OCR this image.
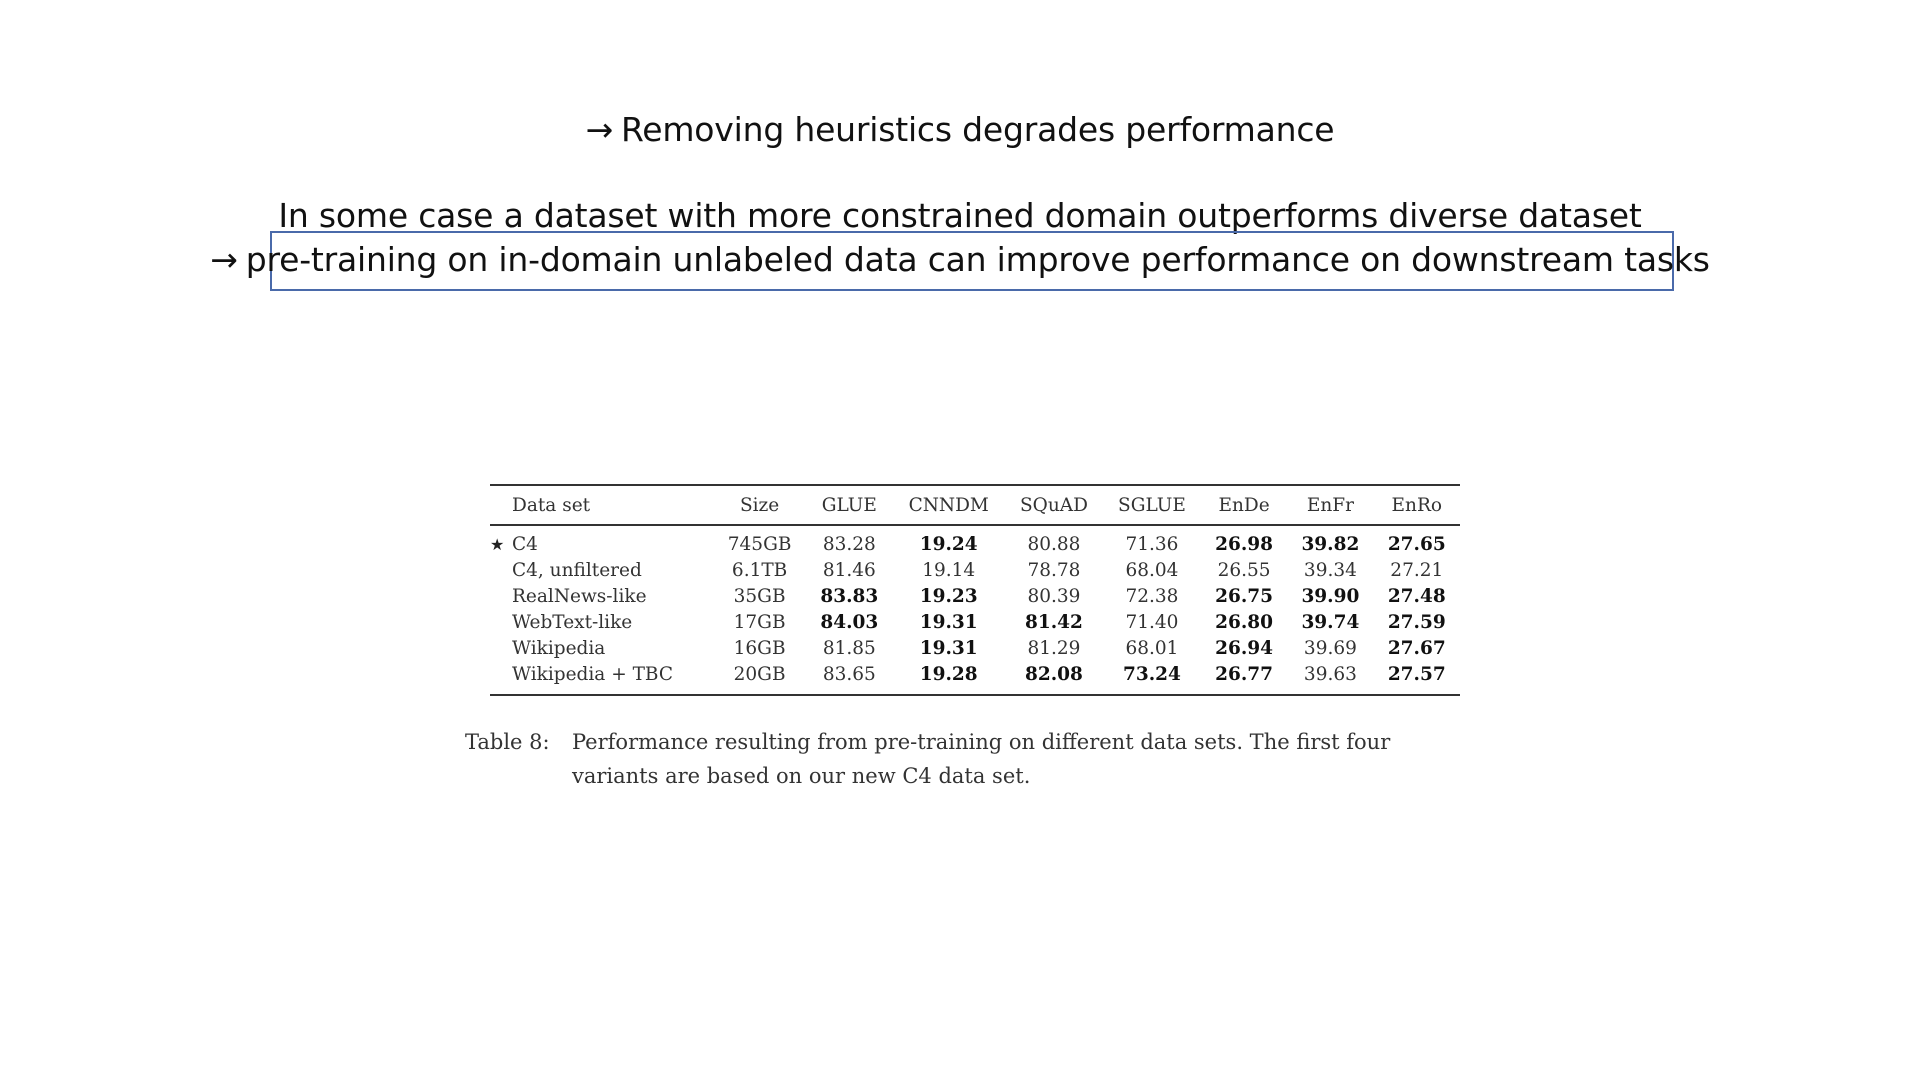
→ Removing heuristics degrades performance
In some case a dataset with more constrained domain outperforms diverse dataset
→ pre-training on in-domain unlabeled data can improve performance on downstream tasks
Data set	Size	GLUE	CNNDM	SQuAD	SGLUE	EnDe	EnFr	EnRo

★ C4	745GB	83.28	19.24	80.88	71.36	26.98	39.82	27.65
C4, unfiltered	6.1TB	81.46	19.14	78.78	68.04	26.55	39.34	27.21
RealNews-like	35GB	83.83	19.23	80.39	72.38	26.75	39.90	27.48
WebText-like	17GB	84.03	19.31	81.42	71.40	26.80	39.74	27.59
Wikipedia	16GB	81.85	19.31	81.29	68.01	26.94	39.69	27.67
Wikipedia + TBC	20GB	83.65	19.28	82.08	73.24	26.77	39.63	27.57
Table 8: Performance resulting from pre-training on different data sets. The first four
variants are based on our new C4 data set.
